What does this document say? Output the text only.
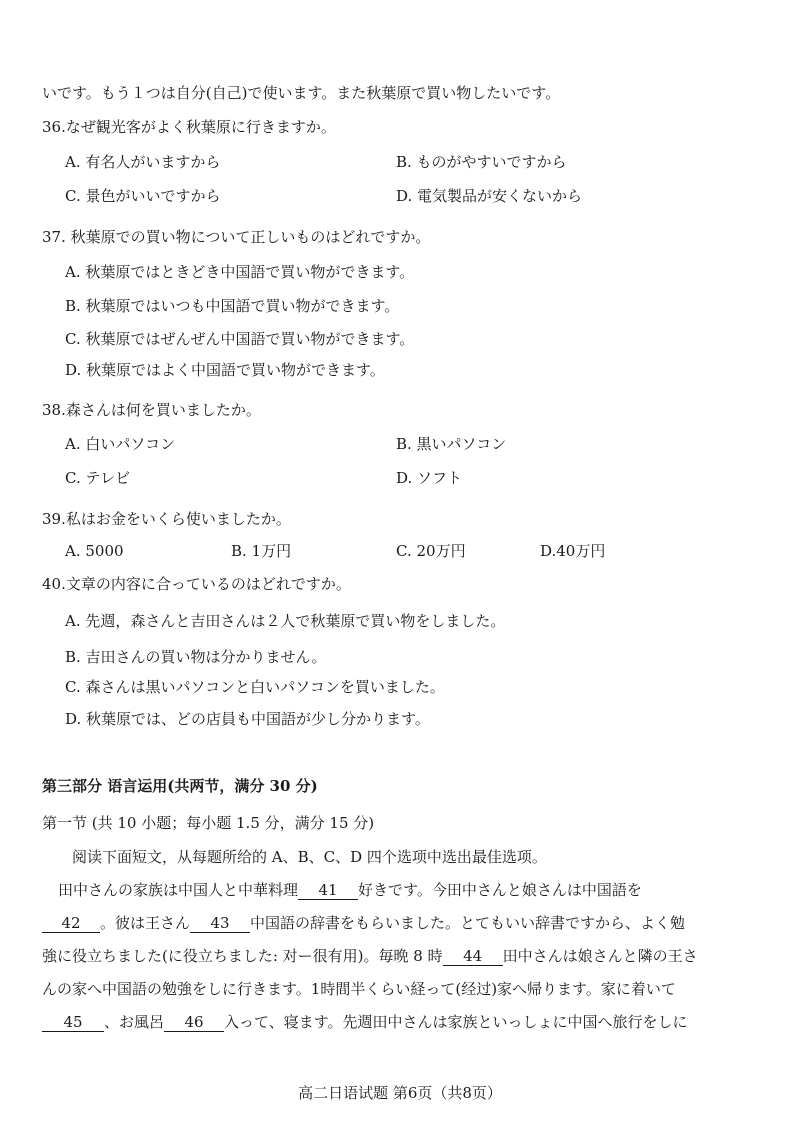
いです。もう１つは自分(自己)で使います。また秋葉原で買い物したいです。
36.なぜ観光客がよく秋葉原に行きますか。
A. 有名人がいますから	B. ものがやすいですから
C. 景色がいいですから	D. 電気製品が安くないから
37. 秋葉原での買い物について正しいものはどれですか。
A. 秋葉原ではときどき中国語で買い物ができます。
B. 秋葉原ではいつも中国語で買い物ができます。
C. 秋葉原ではぜんぜん中国語で買い物ができます。
D. 秋葉原ではよく中国語で買い物ができます。
38.森さんは何を買いましたか。
A. 白いパソコン	B. 黒いパソコン
C. テレビ	D. ソフト
39.私はお金をいくら使いましたか。
A. 5000	B. 1万円	C. 20万円	D.40万円
40.文章の内容に合っているのはどれですか。
A. 先週，森さんと吉田さんは２人で秋葉原で買い物をしました。
B. 吉田さんの買い物は分かりません。
C. 森さんは黒いパソコンと白いパソコンを買いました。
D. 秋葉原では、どの店員も中国語が少し分かります。
第三部分 语言运用(共两节，满分 30 分)
第一节 (共 10 小题；每小题 1.5 分，满分 15 分)
阅读下面短文，从每题所给的 A、B、C、D 四个选项中选出最佳选项。
田中さんの家族は中国人と中華料理 41 好きです。今田中さんと娘さんは中国語を
42 。彼は王さん 43 中国語の辞書をもらいました。とてもいい辞書ですから、よく勉
強に役立ちました(に役立ちました: 对ー很有用)。毎晩 8 時 44 田中さんは娘さんと隣の王さ
んの家へ中国語の勉強をしに行きます。1時間半くらい経って(经过)家へ帰ります。家に着いて
45 、お風呂 46 入って、寝ます。先週田中さんは家族といっしょに中国へ旅行をしに
高二日语试题 第6页（共8页）
